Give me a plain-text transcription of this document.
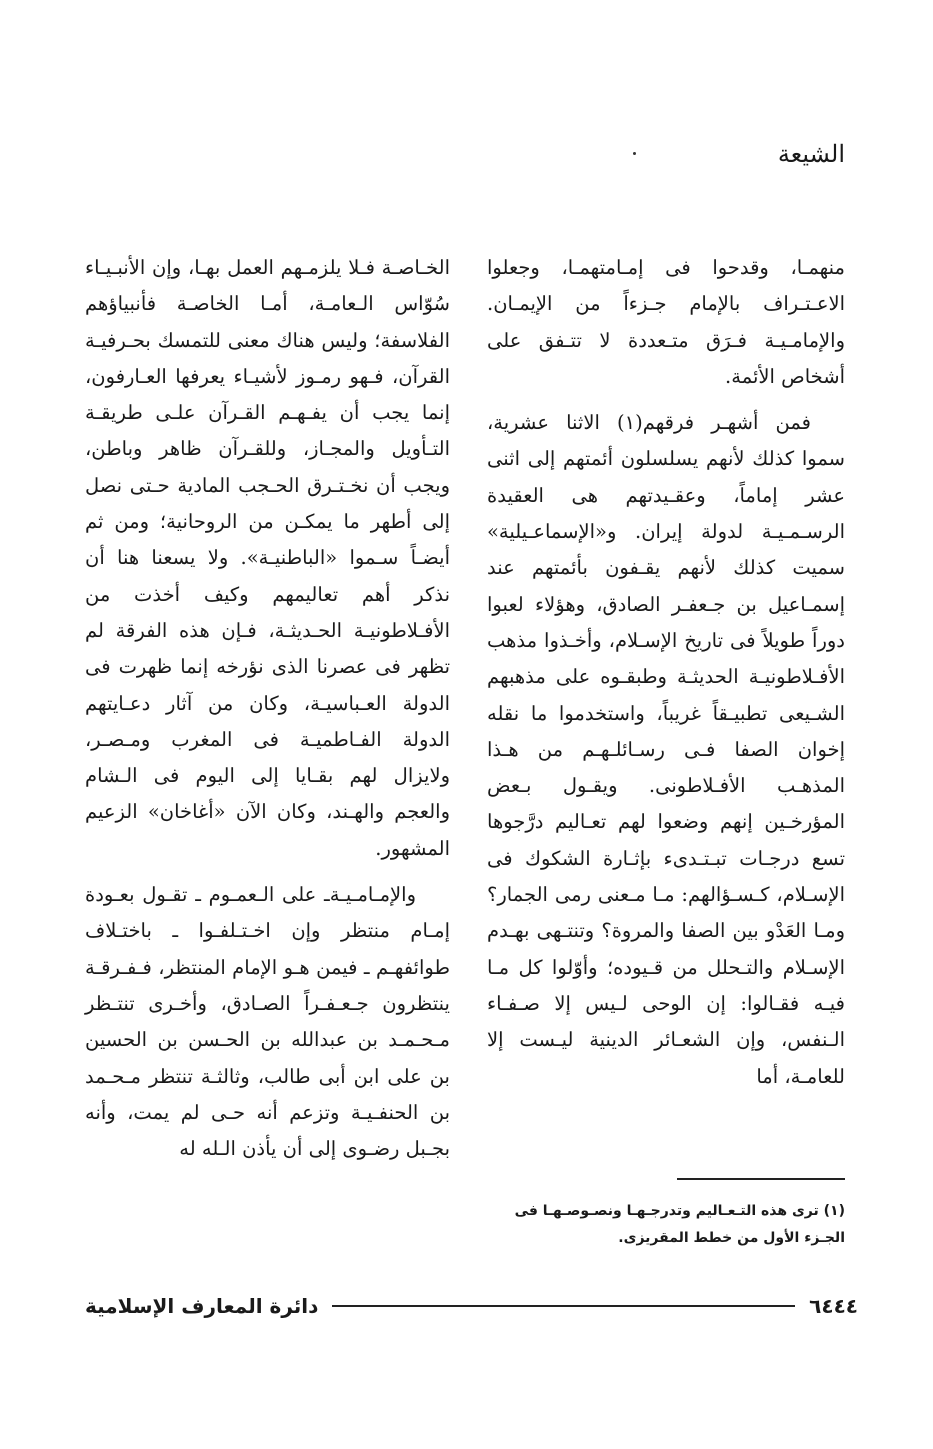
الشيعة

منهمـا، وقدحوا فى إمـامتهمـا، وجعلوا الاعـتـراف بالإمام جـزءاً من الإيمـان. والإمامـيـة فـرَق متـعددة لا تتـفق على أشخاص الأئمة.

فمن أشهـر فرقهم(١) الاثنا عشرية، سموا كذلك لأنهم يسلسلون أئمتهم إلى اثنى عشر إماماً، وعقـيدتهم هى العقيدة الرسـمـيـة لدولة إيران. و«الإسماعـيلية» سميت كذلك لأنهم يقـفون بأئمتهم عند إسمـاعيل بن جـعفـر الصادق، وهؤلاء لعبوا دوراً طويلاً فى تاريخ الإسـلام، وأخـذوا مذهب الأفـلاطونيـة الحديثـة وطبقـوه على مذهبهم الشـيعى تطبيـقاً غريباً، واستخدموا ما نقله إخوان الصفا فـى رسـائلـهـم من هـذا المذهـب الأفـلاطونى. ويقـول بـعض المؤرخـين إنهم وضعوا لهم تعـاليم درَّجوها تسع درجـات تبـتـدىء بإثـارة الشكوك فى الإسـلام، كـسـؤالهم: مـا مـعنى رمى الجمار؟ ومـا العَدْو بين الصفا والمروة؟ وتنتـهى بهـدم الإسـلام والتـحلل من قـيوده؛ وأوّلوا كل مـا فيـه فقـالوا: إن الوحى لـيس إلا صـفـاء الـنفس، وإن الشعـائر الدينية ليـست إلا للعامـة، أما

الخـاصـة فـلا يلزمـهم العمل بهـا، وإن الأنبـيـاء سُوّاس الـعامـة، أمـا الخاصـة فأنبياؤهم الفلاسفة؛ وليس هناك معنى للتمسك بحـرفيـة القرآن، فـهو رمـوز لأشيـاء يعرفها العـارفون، إنما يجب أن يفـهـم القـرآن علـى طريقـة التـأويل والمجـاز، وللقـرآن ظاهر وباطن، ويجب أن نخـتـرق الحـجب المادية حـتى نصل إلى أطهر ما يمكـن من الروحانية؛ ومن ثم أيضـاً سـموا «الباطنيـة». ولا يسعنا هنا أن نذكر أهم تعاليمهم وكيف أخذت من الأفـلاطونيـة الحـديثـة، فـإن هذه الفرقة لم تظهر فى عصرنا الذى نؤرخه إنما ظهرت فى الدولة العـباسيـة، وكان من آثار دعـايتهم الدولة الفـاطميـة فى المغرب ومـصـر، ولايزال لهم بقـايا إلى اليوم فى الـشام والعجم والهـند، وكان الآن «أغاخان» الزعيم المشهور.

والإمـامـيـةـ على الـعمـوم ـ تقـول بعـودة إمـام منتظر وإن اخـتـلفـوا ـ باختـلاف طوائفهـم ـ فيمن هـو الإمام المنتظر، فـفـرقـة ينتظرون جـعـفـراً الصـادق، وأخـرى تنتـظر مـحـمـد بن عبدالله بن الحـسن بن الحسين بن على ابن أبى طالب، وثالثـة تنتظر مـحـمد بن الحنفـيـة وتزعم أنه حـى لم يمت، وأنه بجـبل رضـوى إلى أن يأذن الـله له

(١) ترى هذه التـعـاليم وتدرجـهـا ونصـوصـهـا فى الجـزء الأول من خطط المقريزى.
دائرة المعارف الإسلامية	٦٤٤٤
